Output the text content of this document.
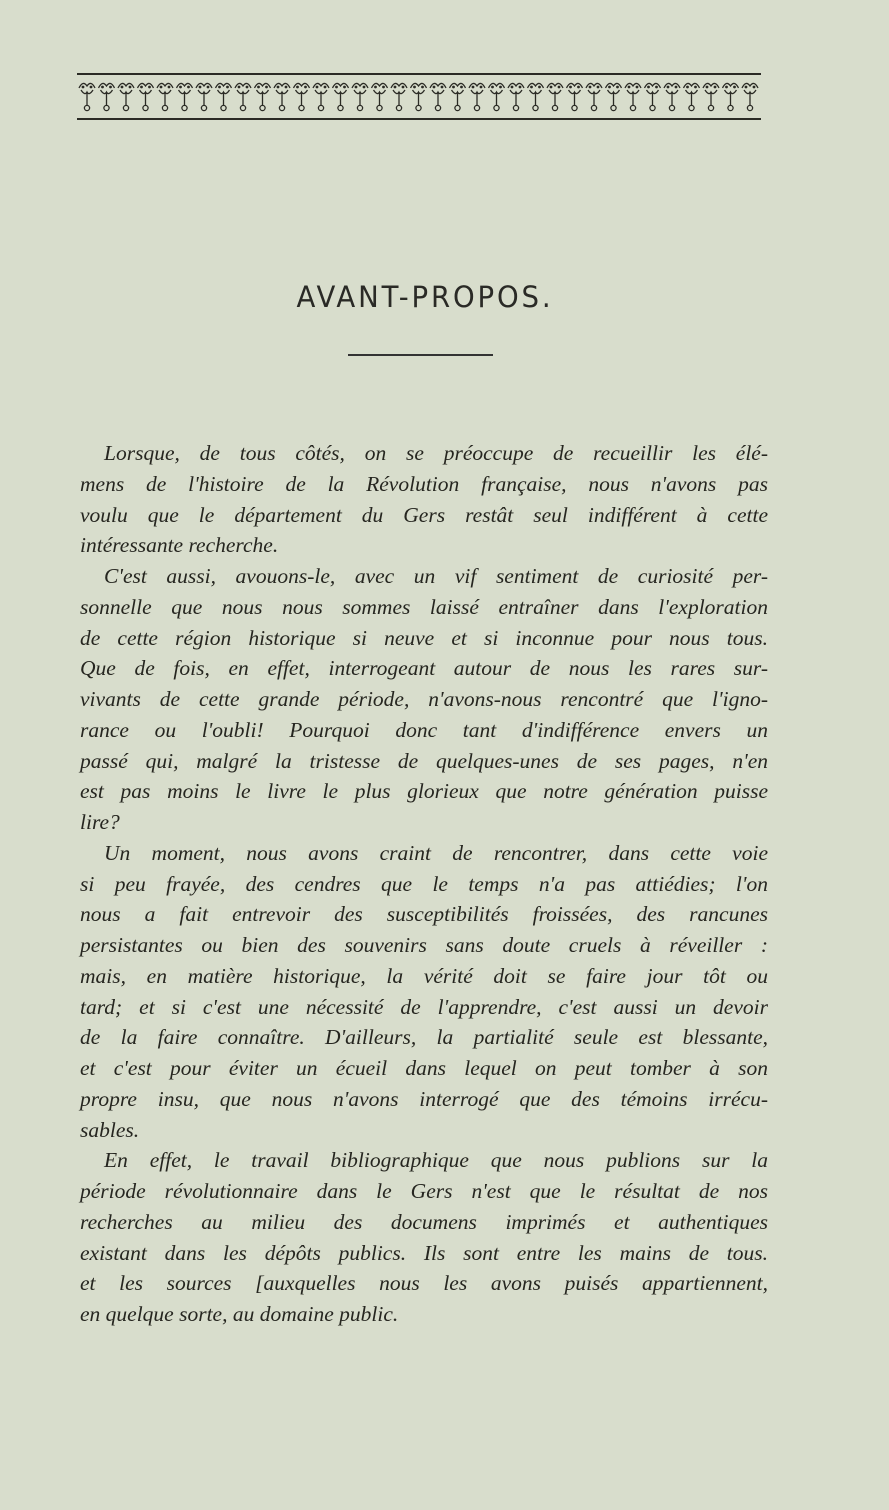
AVANT-PROPOS.
Lorsque, de tous côtés, on se préoccupe de recueillir les élé-
mens de l'histoire de la Révolution française, nous n'avons pas
voulu que le département du Gers restât seul indifférent à cette
intéressante recherche.
C'est aussi, avouons-le, avec un vif sentiment de curiosité per-
sonnelle que nous nous sommes laissé entraîner dans l'exploration
de cette région historique si neuve et si inconnue pour nous tous.
Que de fois, en effet, interrogeant autour de nous les rares sur-
vivants de cette grande période, n'avons-nous rencontré que l'igno-
rance ou l'oubli! Pourquoi donc tant d'indifférence envers un
passé qui, malgré la tristesse de quelques-unes de ses pages, n'en
est pas moins le livre le plus glorieux que notre génération puisse
lire?
Un moment, nous avons craint de rencontrer, dans cette voie
si peu frayée, des cendres que le temps n'a pas attiédies; l'on
nous a fait entrevoir des susceptibilités froissées, des rancunes
persistantes ou bien des souvenirs sans doute cruels à réveiller :
mais, en matière historique, la vérité doit se faire jour tôt ou
tard; et si c'est une nécessité de l'apprendre, c'est aussi un devoir
de la faire connaître. D'ailleurs, la partialité seule est blessante,
et c'est pour éviter un écueil dans lequel on peut tomber à son
propre insu, que nous n'avons interrogé que des témoins irrécu-
sables.
En effet, le travail bibliographique que nous publions sur la
période révolutionnaire dans le Gers n'est que le résultat de nos
recherches au milieu des documens imprimés et authentiques
existant dans les dépôts publics. Ils sont entre les mains de tous.
et les sources [auxquelles nous les avons puisés appartiennent,
en quelque sorte, au domaine public.
